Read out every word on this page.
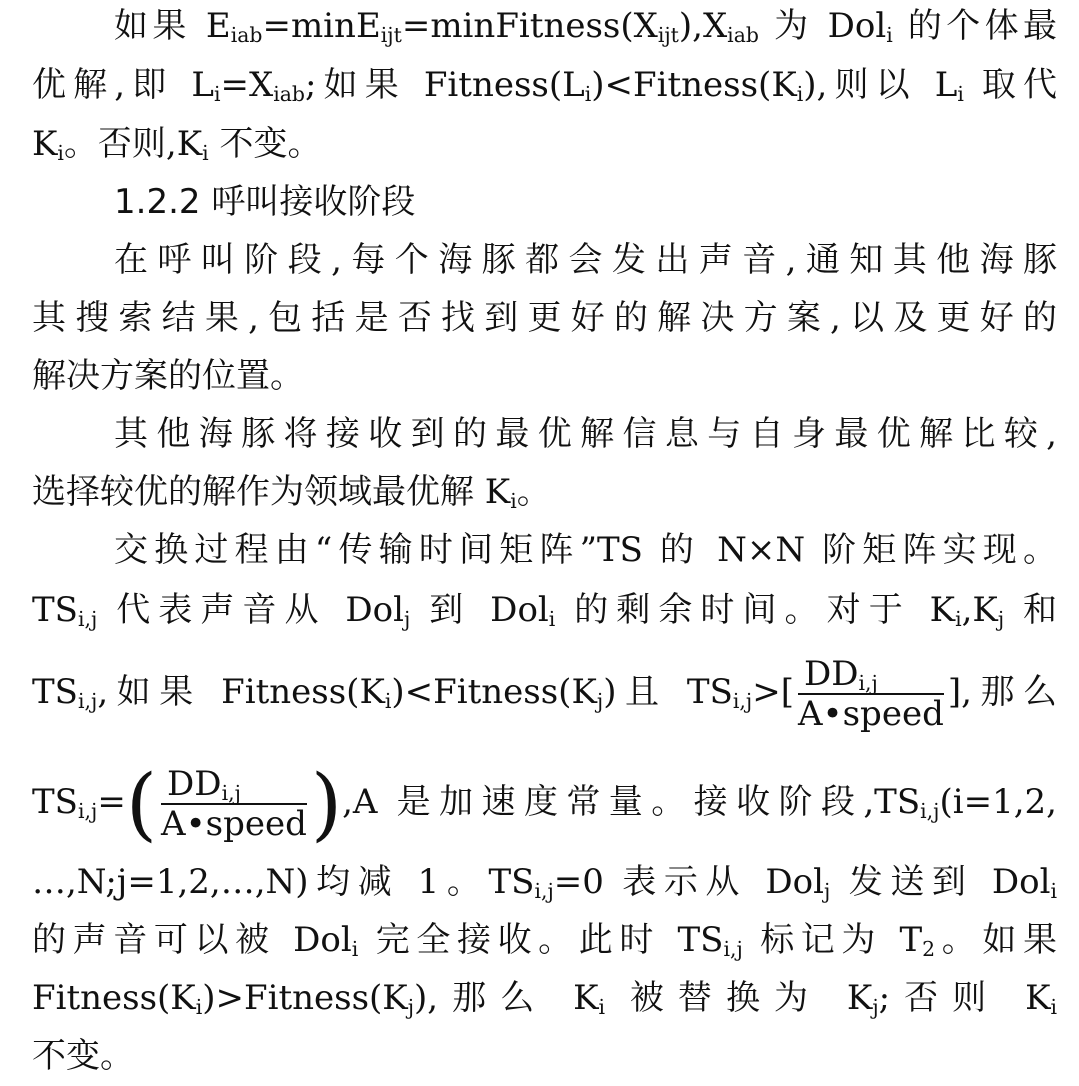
如果 $E_{iab}=\min E_{ijt}=minFitness(X_{ijt}),X_{iab}$ 为 Dol$_i$ 的个体最
优解,即 $L_i=X_{iab}$;如果 $Fitness(L_i)<Fitness(K_i)$,则以 $L_i$ 取代
$K_i$。否则$,K_i$ 不变。
1.2.2 呼叫接收阶段
在呼叫阶段,每个海豚都会发出声音,通知其他海豚
其搜索结果,包括是否找到更好的解决方案,以及更好的
解决方案的位置。
其他海豚将接收到的最优解信息与自身最优解比较,
选择较优的解作为领域最优解 $K_i$。
交换过程由“传输时间矩阵”TS 的 N×N 阶矩阵实现。
$TS_{i,j}$ 代表声音从 Dol$_j$ 到 Dol$_i$ 的剩余时间。对于 $K_i,K_j$ 和
$TS_{i,j}$,如果 $Fitness(K_i)<Fitness(K_j)$且 $TS_{i,j}>[ \frac{DD_{i,j}}{\text{A•speed}}$ ],那么
$TS_{i,j}=( \frac{DD_{i,j}}{\text{A•speed}} ),A$ 是加速度常量。接收阶段$,TS_{i,j}(i=1,2$,
…,N;j=1,2,…,N)均减 1。$TS_{i,j}=0$ 表示从 Dol$_j$ 发送到 Dol$_i$
的声音可以被 Dol$_i$ 完全接收。此时 $TS_{i,j}$ 标记为 $T_2$。如果
$Fitness(K_i)>Fitness(K_j)$,那么 $K_i$ 被替换为 $K_j$;否则 $K_i$
不变。
